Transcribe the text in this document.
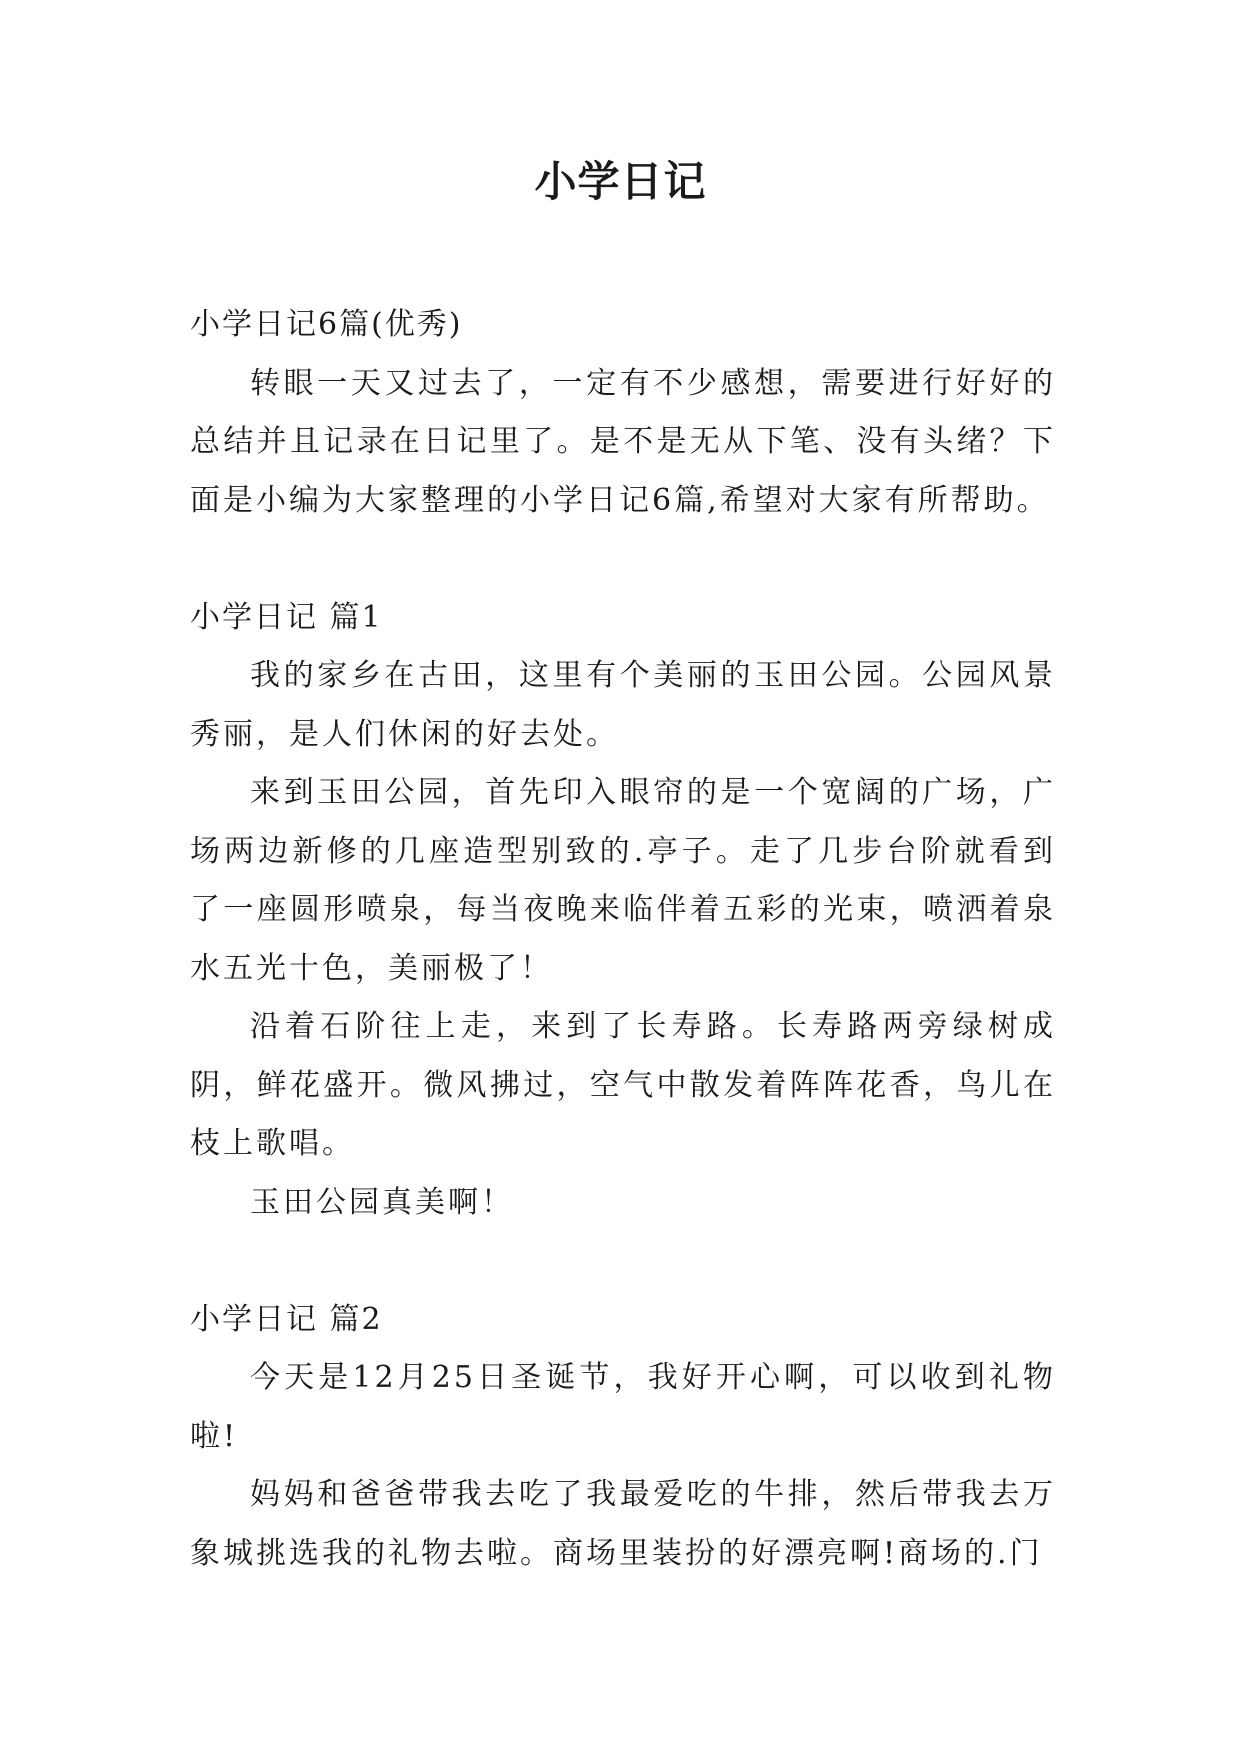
小学日记

小学日记6篇(优秀)

转眼一天又过去了，一定有不少感想，需要进行好好的总结并且记录在日记里了。是不是无从下笔、没有头绪？下面是小编为大家整理的小学日记6篇,希望对大家有所帮助。

小学日记 篇1

我的家乡在古田，这里有个美丽的玉田公园。公园风景秀丽，是人们休闲的好去处。

来到玉田公园，首先印入眼帘的是一个宽阔的广场，广场两边新修的几座造型别致的.亭子。走了几步台阶就看到了一座圆形喷泉，每当夜晚来临伴着五彩的光束，喷洒着泉水五光十色，美丽极了！

沿着石阶往上走，来到了长寿路。长寿路两旁绿树成阴，鲜花盛开。微风拂过，空气中散发着阵阵花香，鸟儿在枝上歌唱。

玉田公园真美啊！

小学日记 篇2

今天是12月25日圣诞节，我好开心啊，可以收到礼物啦!

妈妈和爸爸带我去吃了我最爱吃的牛排，然后带我去万象城挑选我的礼物去啦。商场里装扮的好漂亮啊!商场的.门
